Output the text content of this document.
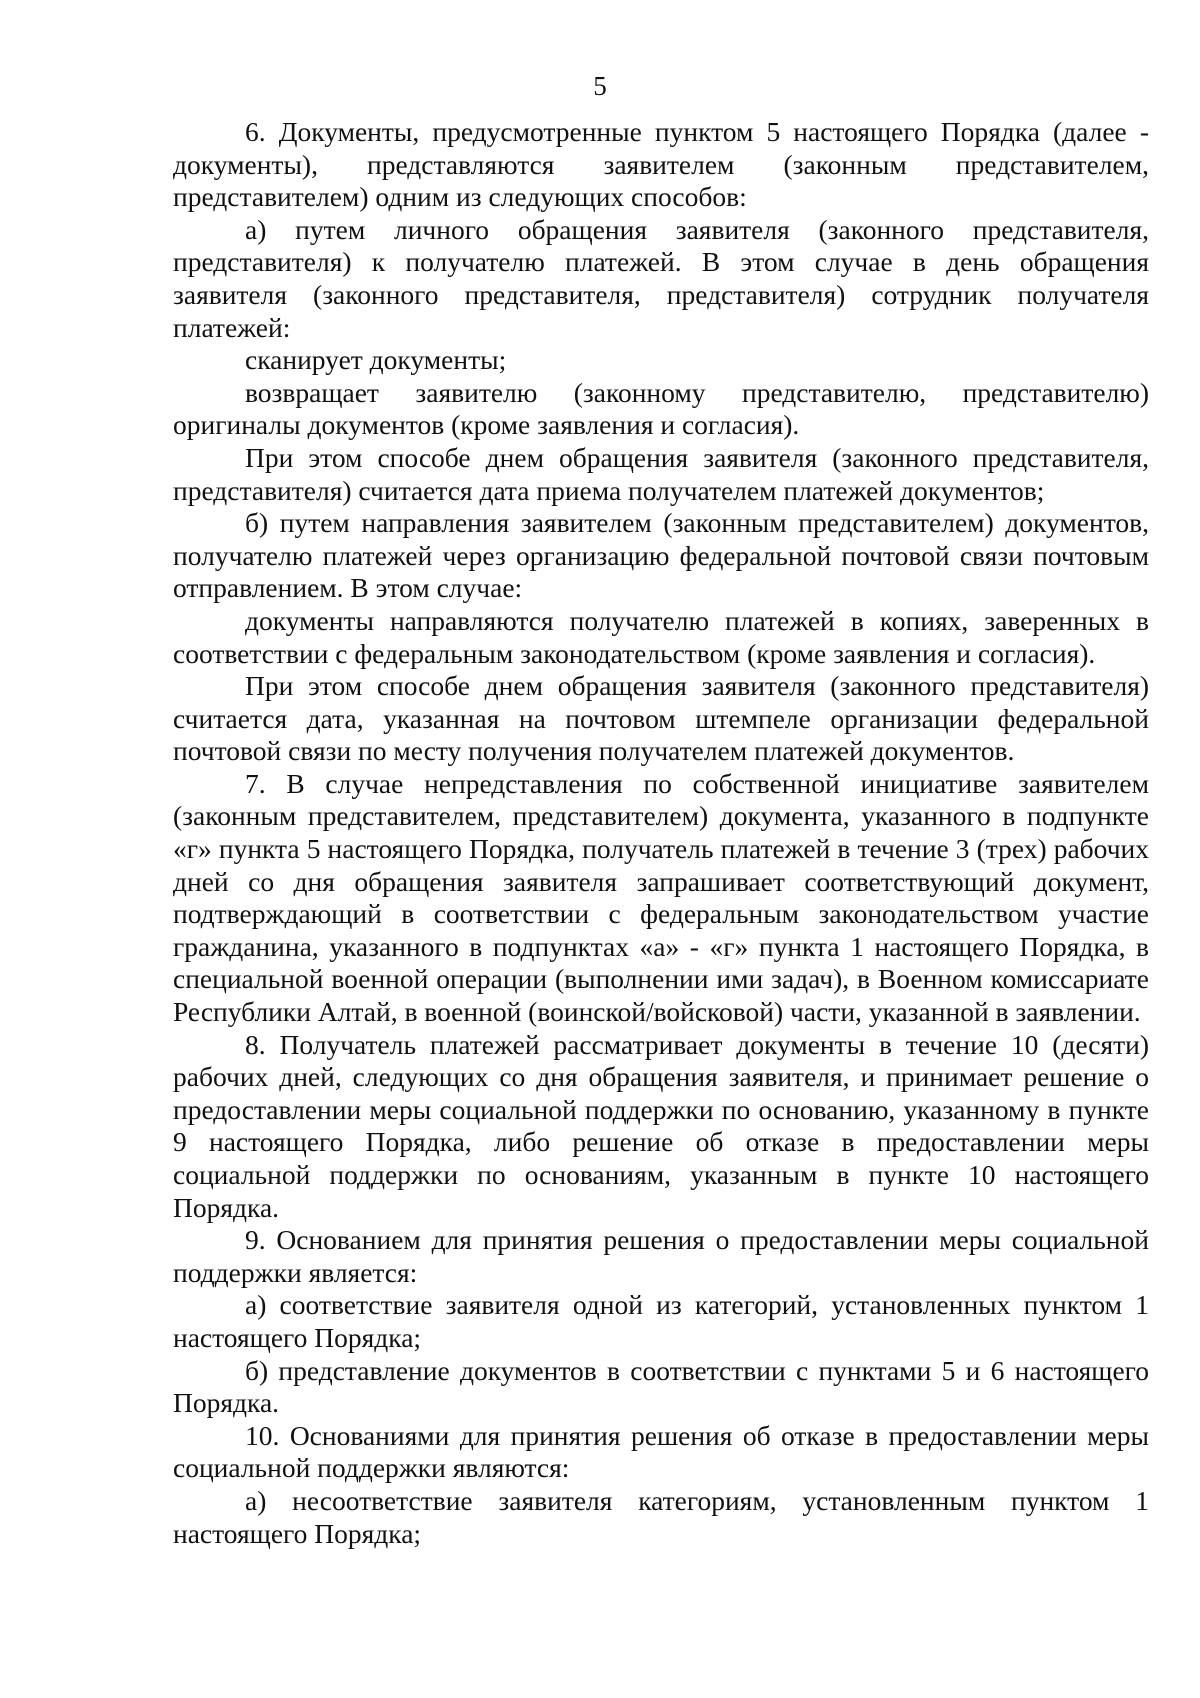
5

6. Документы, предусмотренные пунктом 5 настоящего Порядка (далее - документы), представляются заявителем (законным представителем, представителем) одним из следующих способов:

а) путем личного обращения заявителя (законного представителя, представителя) к получателю платежей. В этом случае в день обращения заявителя (законного представителя, представителя) сотрудник получателя платежей:

сканирует документы;

возвращает заявителю (законному представителю, представителю) оригиналы документов (кроме заявления и согласия).

При этом способе днем обращения заявителя (законного представителя, представителя) считается дата приема получателем платежей документов;

б) путем направления заявителем (законным представителем) документов, получателю платежей через организацию федеральной почтовой связи почтовым отправлением. В этом случае:

документы направляются получателю платежей в копиях, заверенных в соответствии с федеральным законодательством (кроме заявления и согласия).

При этом способе днем обращения заявителя (законного представителя) считается дата, указанная на почтовом штемпеле организации федеральной почтовой связи по месту получения получателем платежей документов.

7. В случае непредставления по собственной инициативе заявителем (законным представителем, представителем) документа, указанного в подпункте «г» пункта 5 настоящего Порядка, получатель платежей в течение 3 (трех) рабочих дней со дня обращения заявителя запрашивает соответствующий документ, подтверждающий в соответствии с федеральным законодательством участие гражданина, указанного в подпунктах «а» - «г» пункта 1 настоящего Порядка, в специальной военной операции (выполнении ими задач), в Военном комиссариате Республики Алтай, в военной (воинской/войсковой) части, указанной в заявлении.

8. Получатель платежей рассматривает документы в течение 10 (десяти) рабочих дней, следующих со дня обращения заявителя, и принимает решение о предоставлении меры социальной поддержки по основанию, указанному в пункте 9 настоящего Порядка, либо решение об отказе в предоставлении меры социальной поддержки по основаниям, указанным в пункте 10 настоящего Порядка.

9. Основанием для принятия решения о предоставлении меры социальной поддержки является:

а) соответствие заявителя одной из категорий, установленных пунктом 1 настоящего Порядка;

б) представление документов в соответствии с пунктами 5 и 6 настоящего Порядка.

10. Основаниями для принятия решения об отказе в предоставлении меры социальной поддержки являются:

а) несоответствие заявителя категориям, установленным пунктом 1 настоящего Порядка;
